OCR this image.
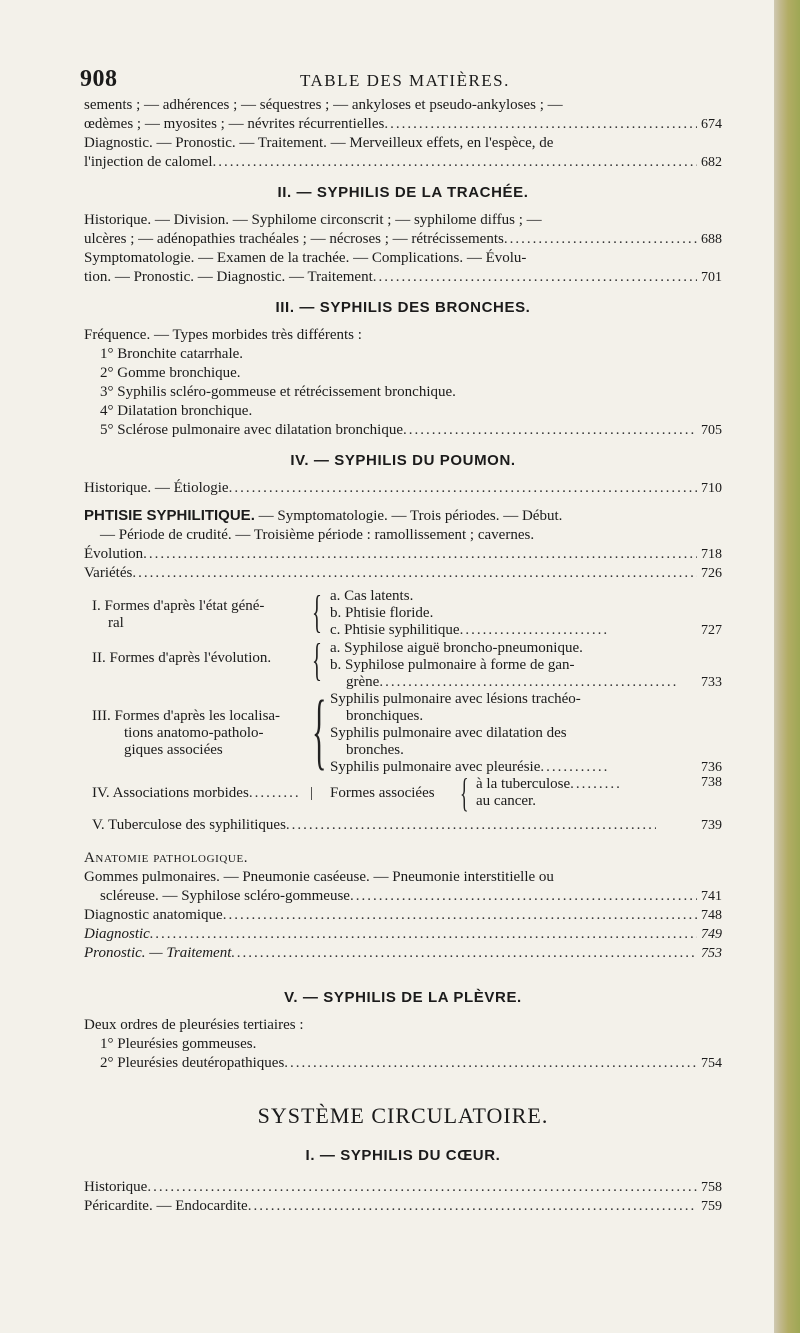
908	TABLE DES MATIÈRES.
sements ; — adhérences ; — séquestres ; — ankyloses et pseudo-ankyloses ; —
œdèmes ; — myosites ; — névrites récurrentielles .....	674
Diagnostic. — Pronostic. — Traitement. — Merveilleux effets, en l'espèce, de
l'injection de calomel .....	682
II. — SYPHILIS DE LA TRACHÉE.
Historique. — Division. — Syphilome circonscrit ; — syphilome diffus ; —
ulcères ; — adénopathies trachéales ; — nécroses ; — rétrécissements .....	688
Symptomatologie. — Examen de la trachée. — Complications. — Évolu-
tion. — Pronostic. — Diagnostic. — Traitement .....	701
III. — SYPHILIS DES BRONCHES.
Fréquence. — Types morbides très différents :
1° Bronchite catarrhale.
2° Gomme bronchique.
3° Syphilis scléro-gommeuse et rétrécissement bronchique.
4° Dilatation bronchique.
5° Sclérose pulmonaire avec dilatation bronchique .....	705
IV. — SYPHILIS DU POUMON.
Historique. — Étiologie .....	710
PHTISIE SYPHILITIQUE. — Symptomatologie. — Trois périodes. — Début.
— Période de crudité. — Troisième période : ramollissement ; cavernes.
Évolution .....	718
Variétés .....	726
I. Formes d'après l'état géné-
ral	{ a. Cas latents.
b. Phtisie floride.
c. Phtisie syphilitique .....	727
II. Formes d'après l'évolution. { a. Syphilose aiguë broncho-pneumonique.
b. Syphilose pulmonaire à forme de gan-
grène .....	733
III. Formes d'après les localisa-
tions anatomo-patholo-
giques associées { Syphilis pulmonaire avec lésions trachéo-
bronchiques.
Syphilis pulmonaire avec dilatation des
bronches.
Syphilis pulmonaire avec pleurésie .....	736
IV. Associations morbides .....	| Formes associées { à la tuberculose .....	738
au cancer.
V. Tuberculose des syphilitiques .....	739
Anatomie pathologique.
Gommes pulmonaires. — Pneumonie caséeuse. — Pneumonie interstitielle ou
scléreuse. — Syphilose scléro-gommeuse .....	741
Diagnostic anatomique .....	748
Diagnostic .....	749
Pronostic. — Traitement .....	753
V. — SYPHILIS DE LA PLÈVRE.
Deux ordres de pleurésies tertiaires :
1° Pleurésies gommeuses.
2° Pleurésies deutéropathiques .....	754
SYSTÈME CIRCULATOIRE.
I. — SYPHILIS DU CŒUR.
Historique .....	758
Péricardite. — Endocardite .....	759
